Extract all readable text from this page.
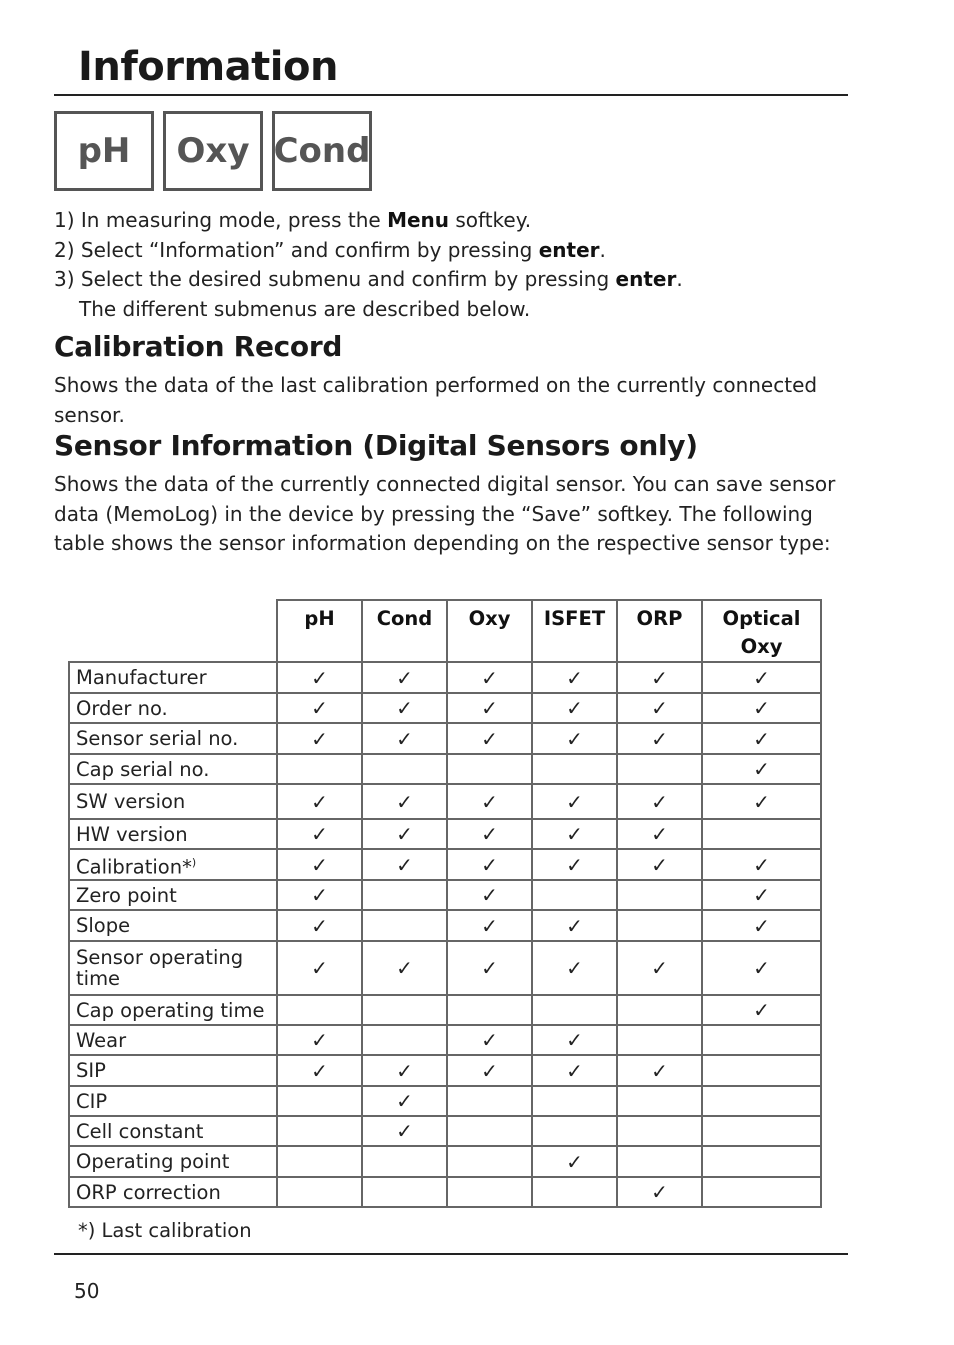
Information
pH	Oxy Cond
1) In measuring mode, press the Menu softkey.
2) Select “Information” and confirm by pressing enter.
3) Select the desired submenu and confirm by pressing enter.
The different submenus are described below.
Calibration Record

Shows the data of the last calibration performed on the currently connected sensor.

Sensor Information (Digital Sensors only)

Shows the data of the currently connected digital sensor. You can save sensor data (MemoLog) in the device by pressing the “Save” softkey. The following table shows the sensor information depending on the respective sensor type:

	pH	Cond	Oxy	ISFET	ORP	Optical Oxy
Manufacturer	✓	✓	✓	✓	✓	✓
Order no.	✓	✓	✓	✓	✓	✓
Sensor serial no.	✓	✓	✓	✓	✓	✓
Cap serial no.						✓
SW version	✓	✓	✓	✓	✓	✓
HW version	✓	✓	✓	✓	✓	
Calibration*)	✓	✓	✓	✓	✓	✓
Zero point	✓		✓			✓
Slope	✓		✓	✓		✓
Sensor operating time	✓	✓	✓	✓	✓	✓
Cap operating time						✓
Wear	✓		✓	✓		
SIP	✓	✓	✓	✓	✓	
CIP		✓				
Cell constant		✓				
Operating point				✓		
ORP correction					✓	
*) Last calibration
50
